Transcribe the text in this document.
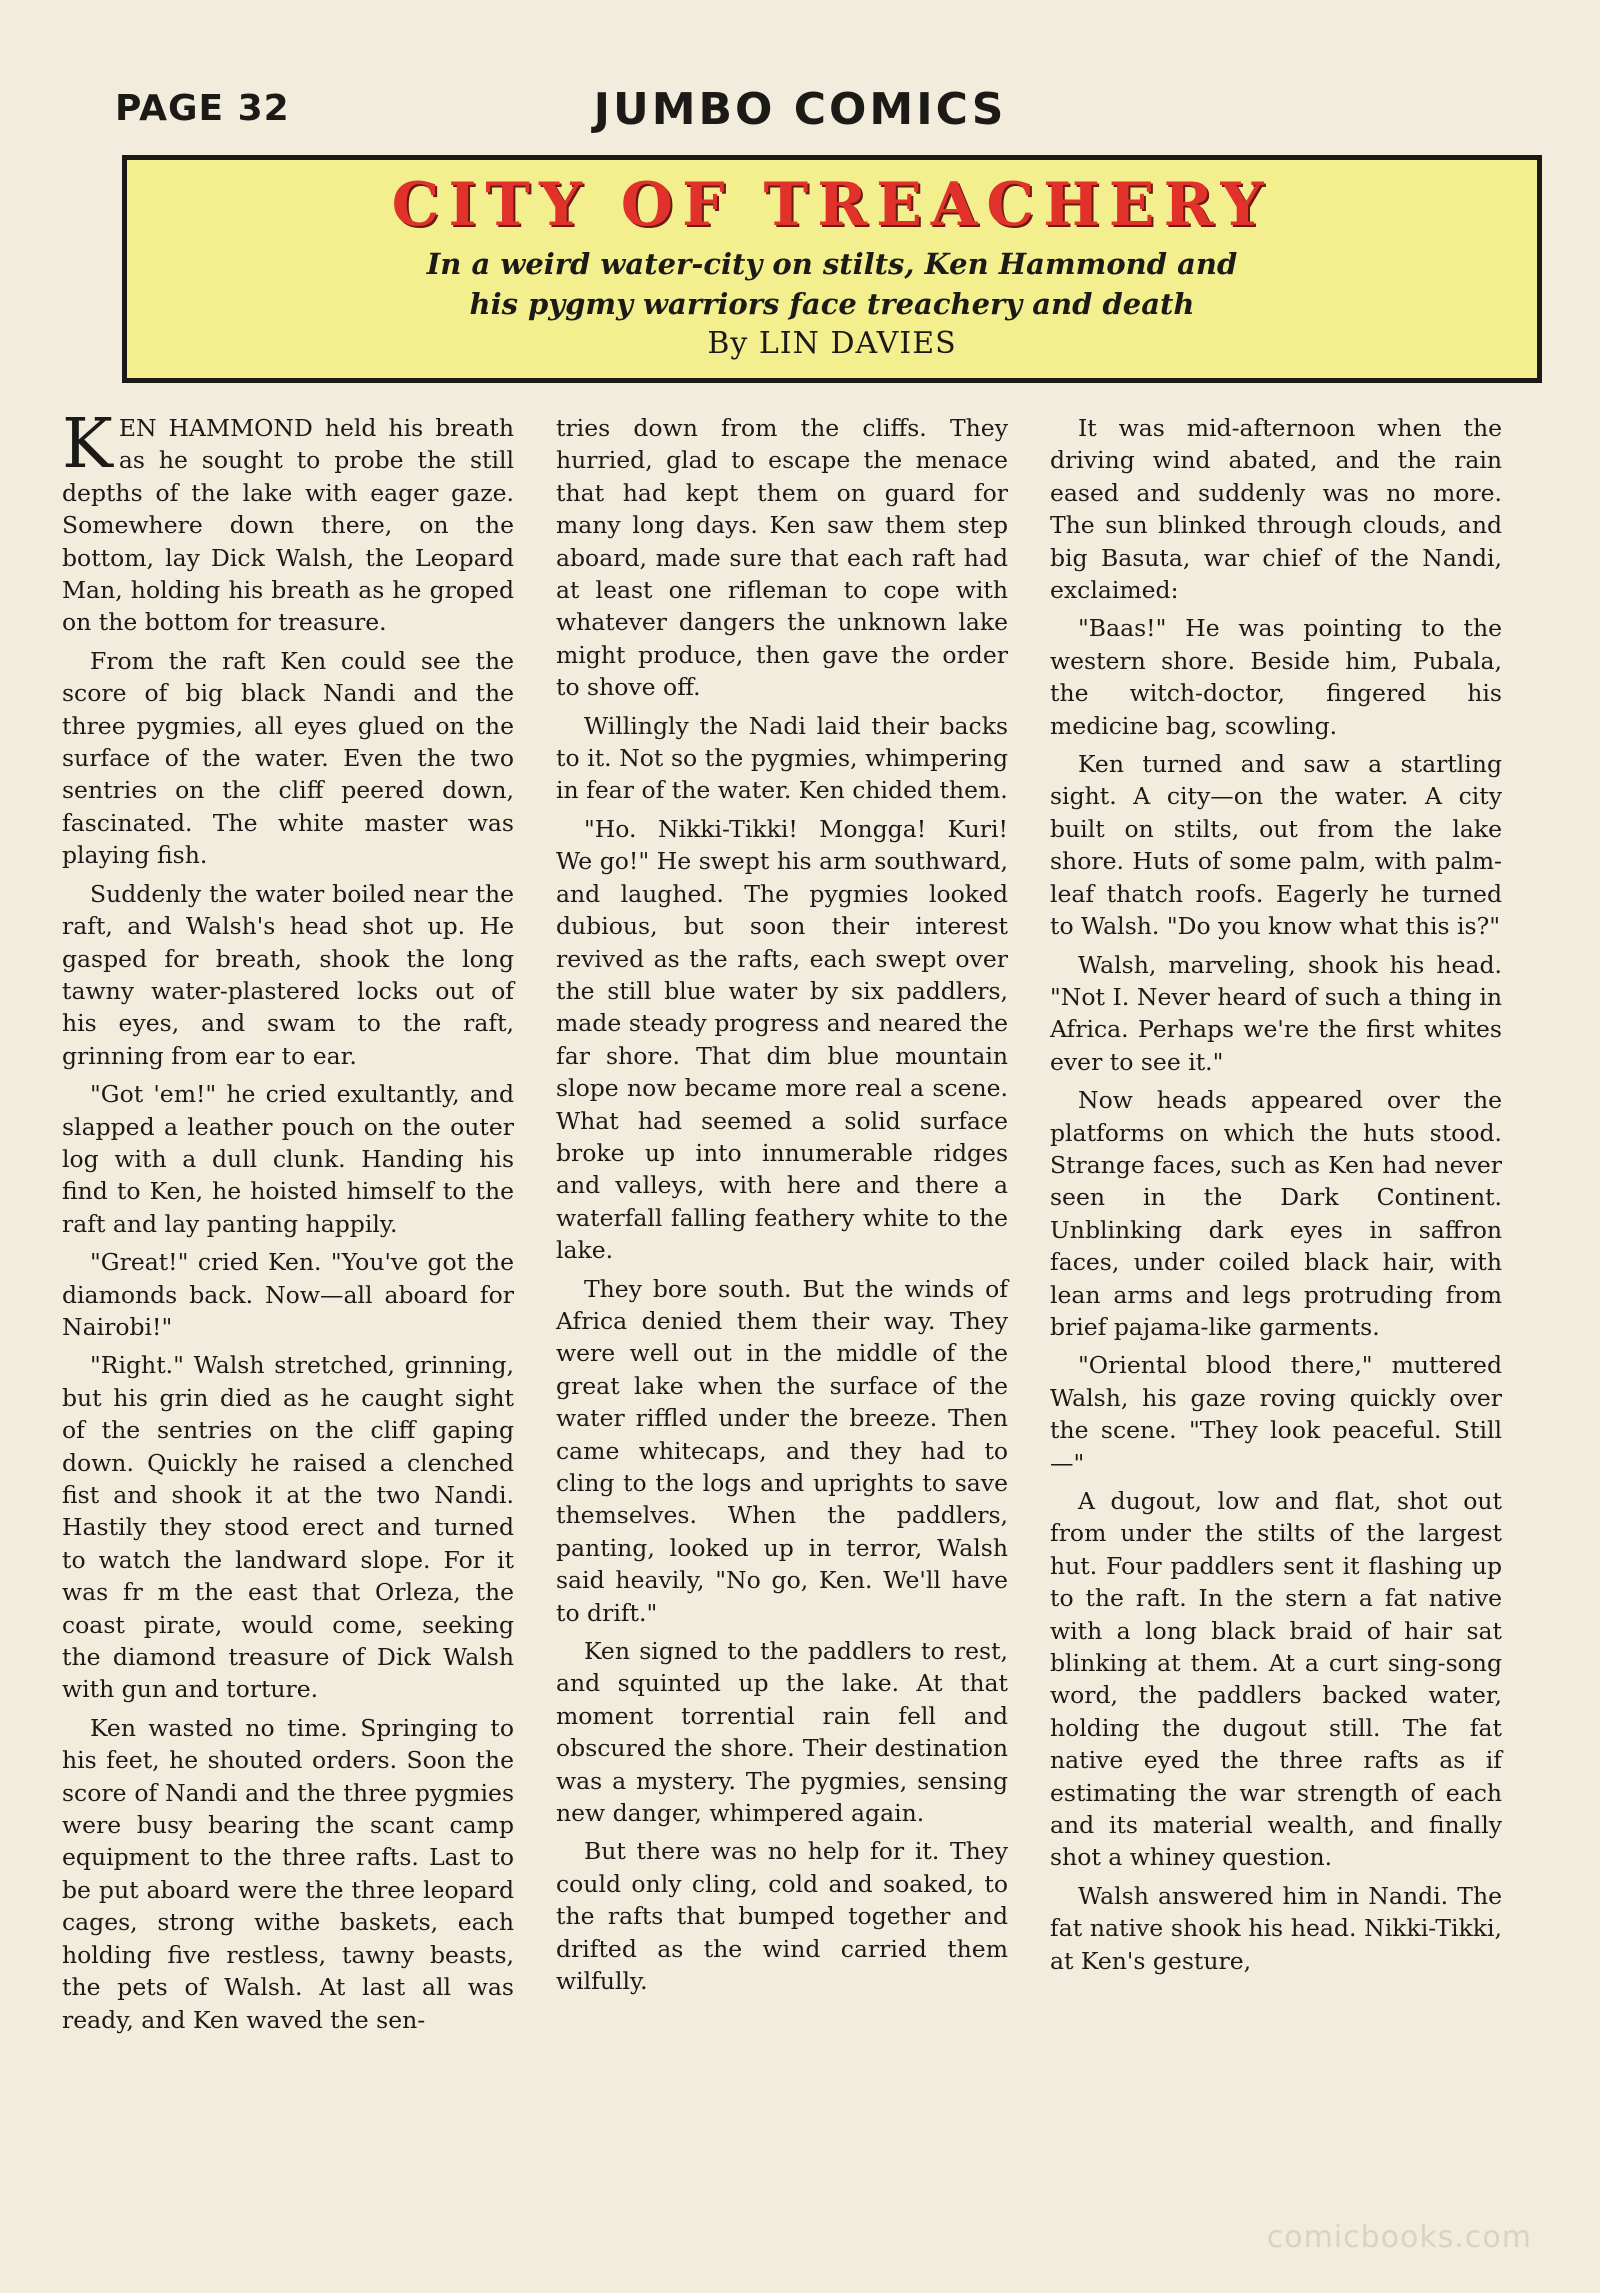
PAGE 32	JUMBO COMICS
CITY OF TREACHERY
In a weird water-city on stilts, Ken Hammond and
his pygmy warriors face treachery and death
By LIN DAVIES

KEN HAMMOND held his breath as he sought to probe the still depths of the lake with eager gaze. Somewhere down there, on the bottom, lay Dick Walsh, the Leopard Man, holding his breath as he groped on the bottom for treasure.

From the raft Ken could see the score of big black Nandi and the three pygmies, all eyes glued on the surface of the water. Even the two sentries on the cliff peered down, fascinated. The white master was playing fish.

Suddenly the water boiled near the raft, and Walsh's head shot up. He gasped for breath, shook the long tawny water-plastered locks out of his eyes, and swam to the raft, grinning from ear to ear.

"Got 'em!" he cried exultantly, and slapped a leather pouch on the outer log with a dull clunk. Handing his find to Ken, he hoisted himself to the raft and lay panting happily.

"Great!" cried Ken. "You've got the diamonds back. Now—all aboard for Nairobi!"

"Right." Walsh stretched, grinning, but his grin died as he caught sight of the sentries on the cliff gaping down. Quickly he raised a clenched fist and shook it at the two Nandi. Hastily they stood erect and turned to watch the landward slope. For it was fr m the east that Orleza, the coast pirate, would come, seeking the diamond treasure of Dick Walsh with gun and torture.

Ken wasted no time. Springing to his feet, he shouted orders. Soon the score of Nandi and the three pygmies were busy bearing the scant camp equipment to the three rafts. Last to be put aboard were the three leopard cages, strong withe baskets, each holding five restless, tawny beasts, the pets of Walsh. At last all was ready, and Ken waved the sen-

tries down from the cliffs. They hurried, glad to escape the menace that had kept them on guard for many long days. Ken saw them step aboard, made sure that each raft had at least one rifleman to cope with whatever dangers the unknown lake might produce, then gave the order to shove off.

Willingly the Nadi laid their backs to it. Not so the pygmies, whimpering in fear of the water. Ken chided them.

"Ho. Nikki-Tikki! Mongga! Kuri! We go!" He swept his arm southward, and laughed. The pygmies looked dubious, but soon their interest revived as the rafts, each swept over the still blue water by six paddlers, made steady progress and neared the far shore. That dim blue mountain slope now became more real a scene. What had seemed a solid surface broke up into innumerable ridges and valleys, with here and there a waterfall falling feathery white to the lake.

They bore south. But the winds of Africa denied them their way. They were well out in the middle of the great lake when the surface of the water riffled under the breeze. Then came whitecaps, and they had to cling to the logs and uprights to save themselves. When the paddlers, panting, looked up in terror, Walsh said heavily, "No go, Ken. We'll have to drift."

Ken signed to the paddlers to rest, and squinted up the lake. At that moment torrential rain fell and obscured the shore. Their destination was a mystery. The pygmies, sensing new danger, whimpered again.

But there was no help for it. They could only cling, cold and soaked, to the rafts that bumped together and drifted as the wind carried them wilfully.

It was mid-afternoon when the driving wind abated, and the rain eased and suddenly was no more. The sun blinked through clouds, and big Basuta, war chief of the Nandi, exclaimed:

"Baas!" He was pointing to the western shore. Beside him, Pubala, the witch-doctor, fingered his medicine bag, scowling.

Ken turned and saw a startling sight. A city—on the water. A city built on stilts, out from the lake shore. Huts of some palm, with palm-leaf thatch roofs. Eagerly he turned to Walsh. "Do you know what this is?"

Walsh, marveling, shook his head. "Not I. Never heard of such a thing in Africa. Perhaps we're the first whites ever to see it."

Now heads appeared over the platforms on which the huts stood. Strange faces, such as Ken had never seen in the Dark Continent. Unblinking dark eyes in saffron faces, under coiled black hair, with lean arms and legs protruding from brief pajama-like garments.

"Oriental blood there," muttered Walsh, his gaze roving quickly over the scene. "They look peaceful. Still—"

A dugout, low and flat, shot out from under the stilts of the largest hut. Four paddlers sent it flashing up to the raft. In the stern a fat native with a long black braid of hair sat blinking at them. At a curt sing-song word, the paddlers backed water, holding the dugout still. The fat native eyed the three rafts as if estimating the war strength of each and its material wealth, and finally shot a whiney question.

Walsh answered him in Nandi. The fat native shook his head. Nikki-Tikki, at Ken's gesture,

comicbooks.com
